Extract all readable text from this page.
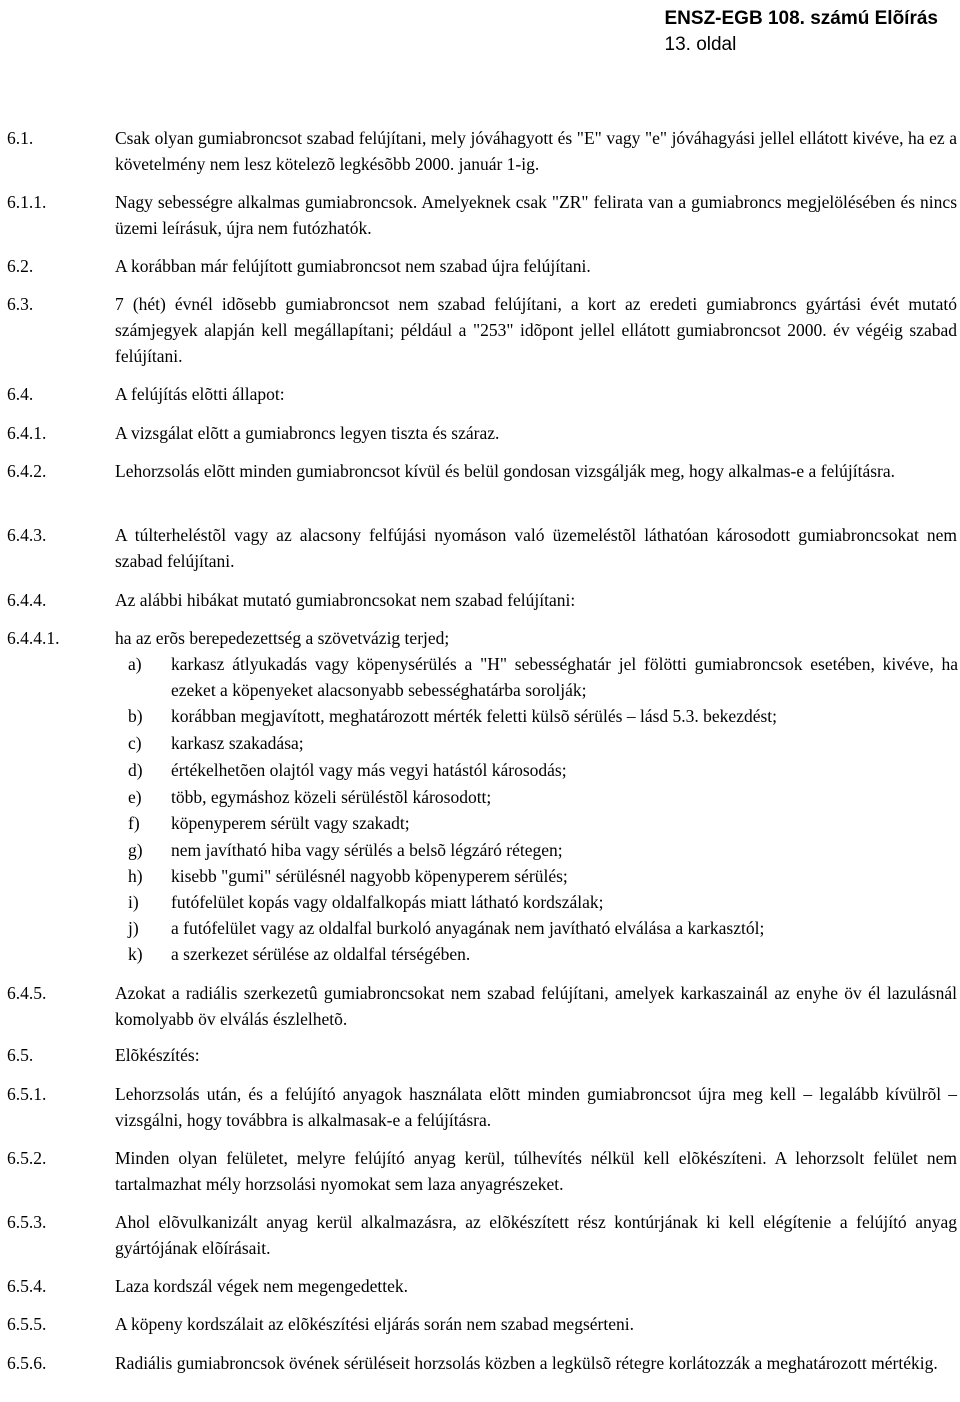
ENSZ-EGB 108. számú Elõírás
13. oldal
6.1.	Csak olyan gumiabroncsot szabad felújítani, mely jóváhagyott és "E" vagy "e" jóváhagyási jellel ellátott kivéve, ha ez a követelmény nem lesz kötelezõ legkésõbb 2000. január 1-ig.
6.1.1.	Nagy sebességre alkalmas gumiabroncsok. Amelyeknek csak "ZR" felirata van a gumiabroncs megjelölésében és nincs üzemi leírásuk, újra nem futózhatók.
6.2.	A korábban már felújított gumiabroncsot nem szabad újra felújítani.
6.3.	7 (hét) évnél idõsebb gumiabroncsot nem szabad felújítani, a kort az eredeti gumiabroncs gyártási évét mutató számjegyek alapján kell megállapítani; például a "253" idõpont jellel ellátott gumiabroncsot 2000. év végéig szabad felújítani.
6.4.	A felújítás elõtti állapot:
6.4.1.	A vizsgálat elõtt a gumiabroncs legyen tiszta és száraz.
6.4.2.	Lehorzsolás elõtt minden gumiabroncsot kívül és belül gondosan vizsgálják meg, hogy alkalmas-e a felújításra.
6.4.3.	A túlterheléstõl vagy az alacsony felfújási nyomáson való üzemeléstõl láthatóan károsodott gumiabroncsokat nem szabad felújítani.
6.4.4.	Az alábbi hibákat mutató gumiabroncsokat nem szabad felújítani:
6.4.4.1.	ha az erõs berepedezettség a szövetvázig terjed;
a) karkasz átlyukadás vagy köpenysérülés a "H" sebességhatár jel fölötti gumiabroncsok esetében, kivéve, ha ezeket a köpenyeket alacsonyabb sebességhatárba sorolják;
b) korábban megjavított, meghatározott mérték feletti külsõ sérülés – lásd 5.3. bekezdést;
c) karkasz szakadása;
d) értékelhetõen olajtól vagy más vegyi hatástól károsodás;
e) több, egymáshoz közeli sérüléstõl károsodott;
f) köpenyperem sérült vagy szakadt;
g) nem javítható hiba vagy sérülés a belsõ légzáró rétegen;
h) kisebb "gumi" sérülésnél nagyobb köpenyperem sérülés;
i) futófelület kopás vagy oldalfalkopás miatt látható kordszálak;
j) a futófelület vagy az oldalfal burkoló anyagának nem javítható elválása a karkasztól;
k) a szerkezet sérülése az oldalfal térségében.
6.4.5.	Azokat a radiális szerkezetû gumiabroncsokat nem szabad felújítani, amelyek karkaszainál az enyhe öv él lazulásnál komolyabb öv elválás észlelhetõ.
6.5.	Elõkészítés:
6.5.1.	Lehorzsolás után, és a felújító anyagok használata elõtt minden gumiabroncsot újra meg kell – legalább kívülrõl – vizsgálni, hogy továbbra is alkalmasak-e a felújításra.
6.5.2.	Minden olyan felületet, melyre felújító anyag kerül, túlhevítés nélkül kell elõkészíteni. A lehorzsolt felület nem tartalmazhat mély horzsolási nyomokat sem laza anyagrészeket.
6.5.3.	Ahol elõvulkanizált anyag kerül alkalmazásra, az elõkészített rész kontúrjának ki kell elégítenie a felújító anyag gyártójának elõírásait.
6.5.4.	Laza kordszál végek nem megengedettek.
6.5.5.	A köpeny kordszálait az elõkészítési eljárás során nem szabad megsérteni.
6.5.6.	Radiális gumiabroncsok övének sérüléseit horzsolás közben a legkülsõ rétegre korlátozzák a meghatározott mértékig.
